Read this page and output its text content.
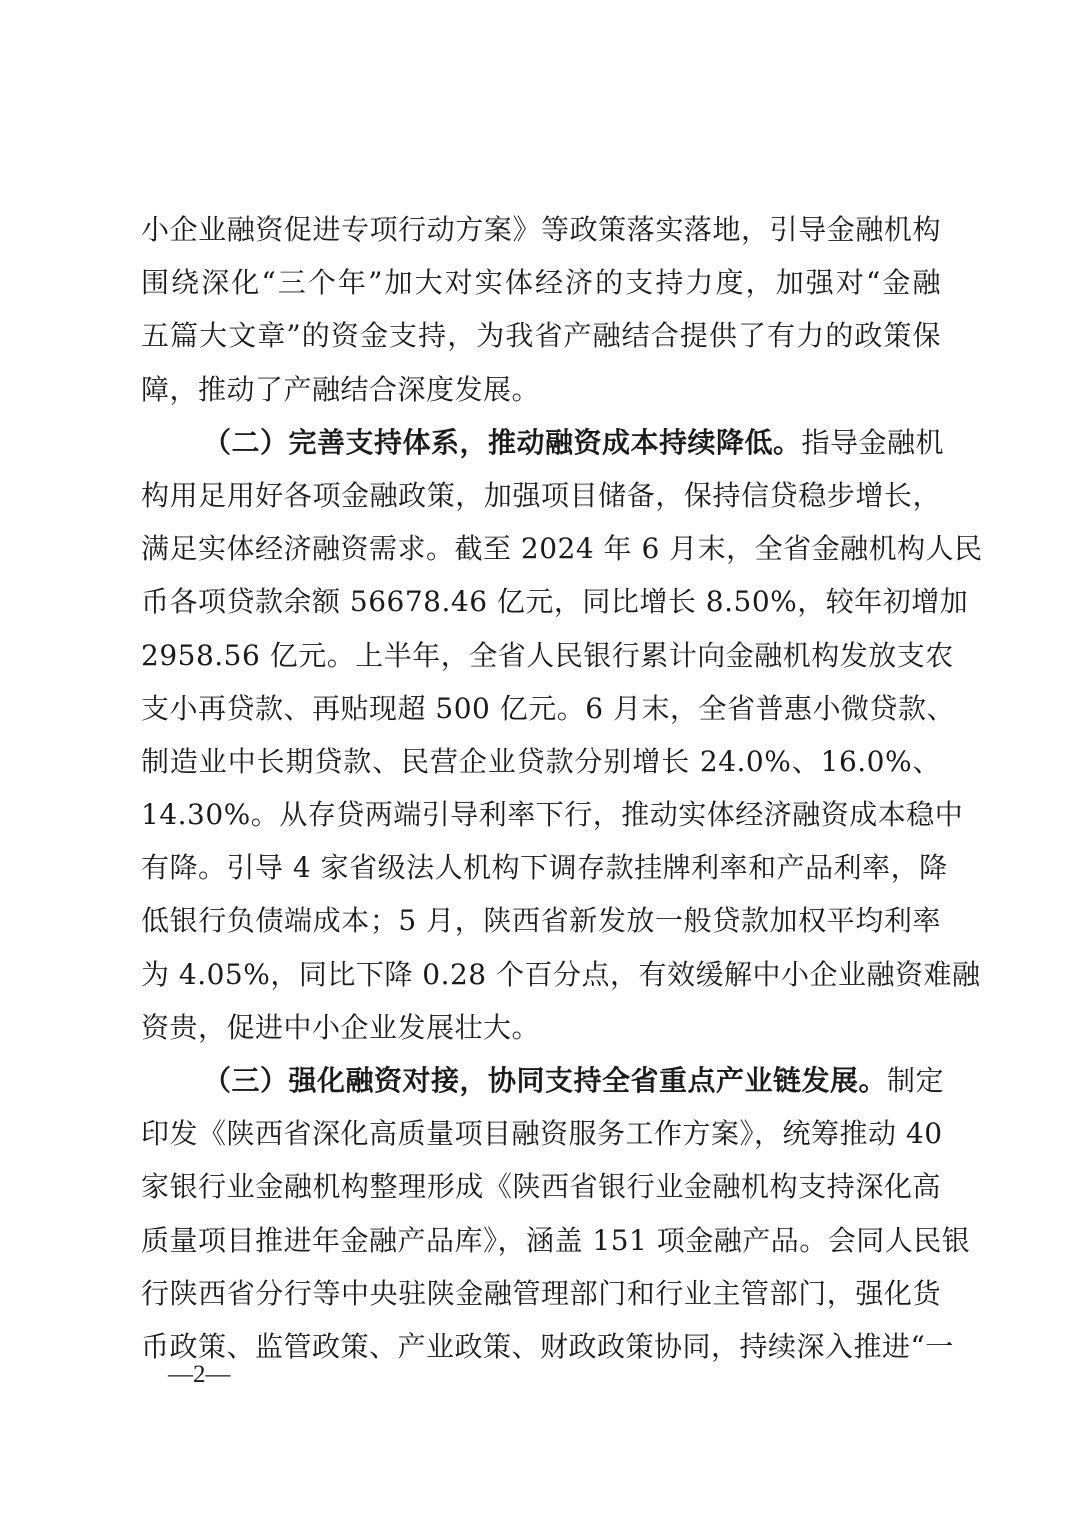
小企业融资促进专项行动方案》等政策落实落地，引导金融机构
围绕深化“三个年”加大对实体经济的支持力度，加强对“金融
五篇大文章”的资金支持，为我省产融结合提供了有力的政策保
障，推动了产融结合深度发展。
（二）完善支持体系，推动融资成本持续降低。指导金融机
构用足用好各项金融政策，加强项目储备，保持信贷稳步增长，
满足实体经济融资需求。截至 2024 年 6 月末，全省金融机构人民
币各项贷款余额 56678.46 亿元，同比增长 8.50%，较年初增加
2958.56 亿元。上半年，全省人民银行累计向金融机构发放支农
支小再贷款、再贴现超 500 亿元。6 月末，全省普惠小微贷款、
制造业中长期贷款、民营企业贷款分别增长 24.0%、16.0%、
14.30%。从存贷两端引导利率下行，推动实体经济融资成本稳中
有降。引导 4 家省级法人机构下调存款挂牌利率和产品利率，降
低银行负债端成本；5 月，陕西省新发放一般贷款加权平均利率
为 4.05%，同比下降 0.28 个百分点，有效缓解中小企业融资难融
资贵，促进中小企业发展壮大。
（三）强化融资对接，协同支持全省重点产业链发展。制定
印发《陕西省深化高质量项目融资服务工作方案》，统筹推动 40
家银行业金融机构整理形成《陕西省银行业金融机构支持深化高
质量项目推进年金融产品库》，涵盖 151 项金融产品。会同人民银
行陕西省分行等中央驻陕金融管理部门和行业主管部门，强化货
币政策、监管政策、产业政策、财政政策协同，持续深入推进“一
—2—
